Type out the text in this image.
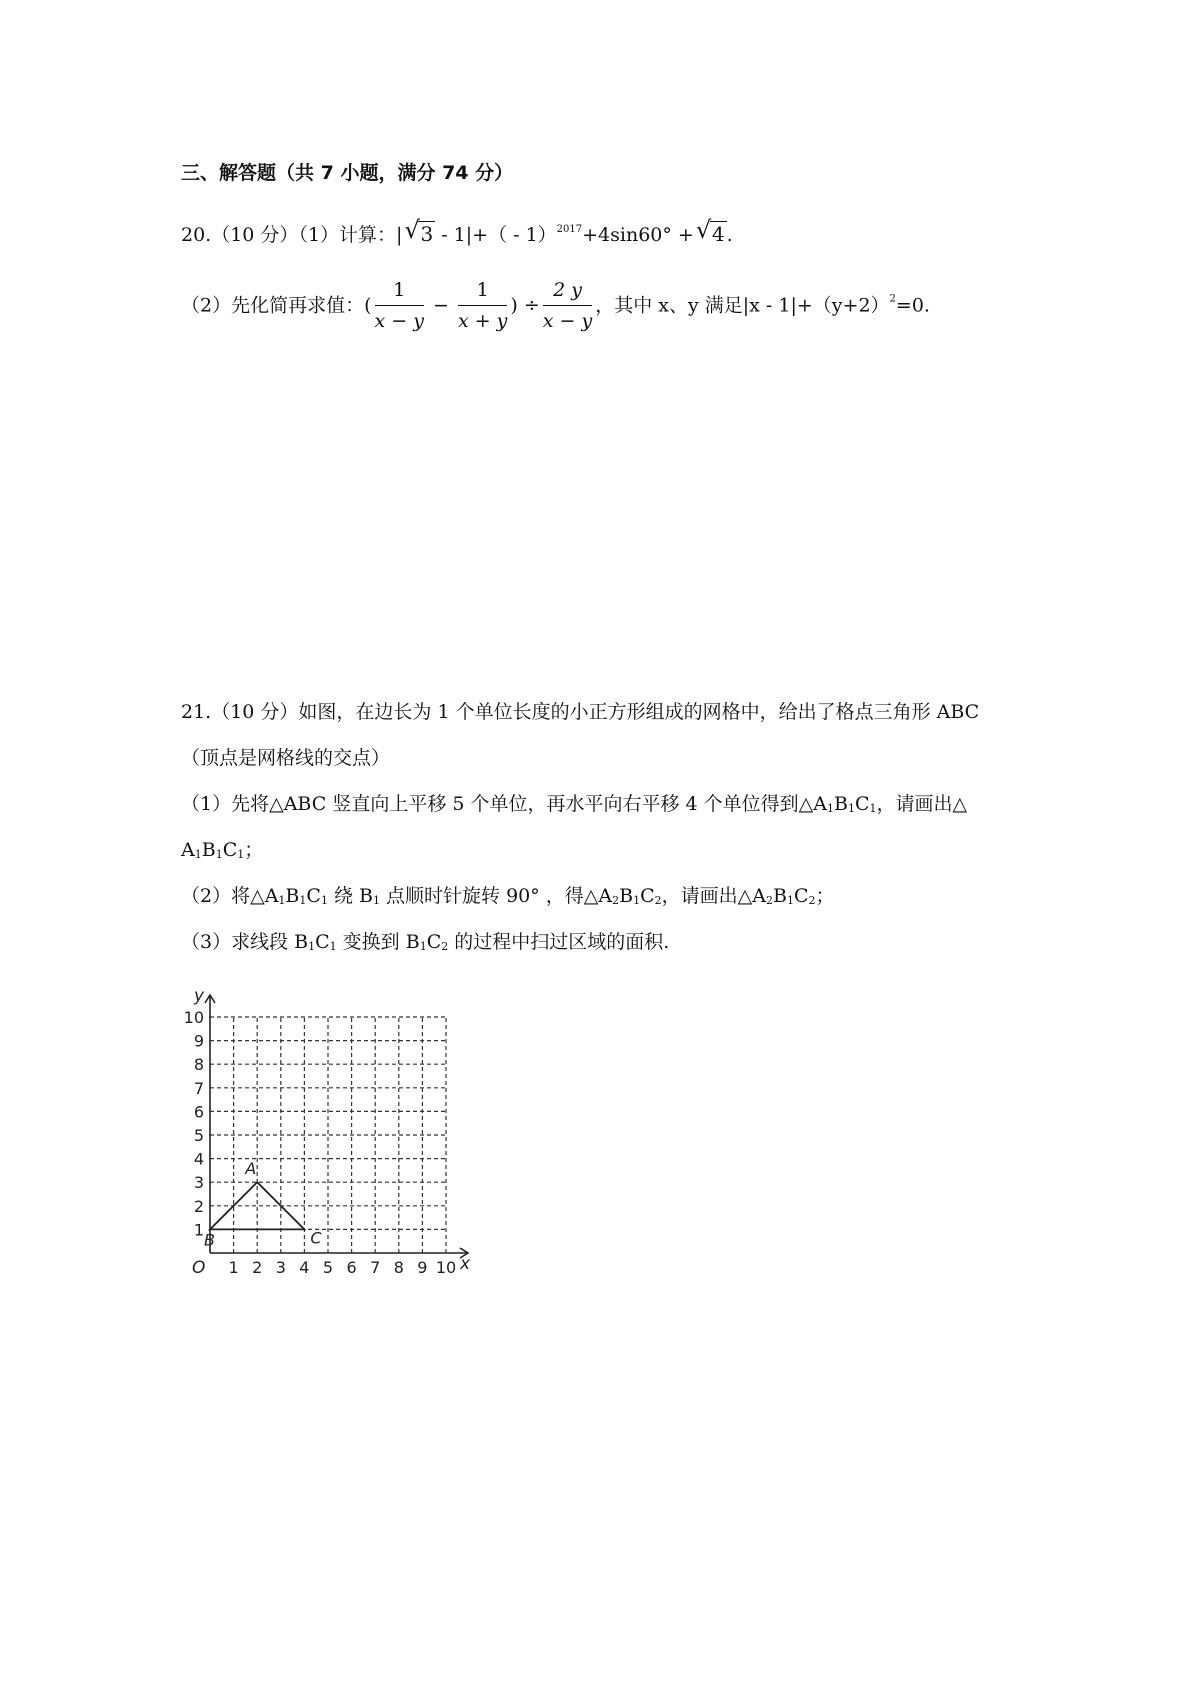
三、解答题（共 7 小题，满分 74 分）
20.（10 分）（1）计算：| √ 3 - 1|+（ - 1）$^{2017}$+4sin60° + √ 4 .
（2）先化简再求值：( $\frac{1}{x - y} - \frac{1}{x + y}$ ) ÷ $\frac{2 y}{x - y}$ ，其中 x、y 满足$|x - 1|+(y+2)^2=0$.
21.（10 分）如图，在边长为 1 个单位长度的小正方形组成的网格中，给出了格点三角形 ABC
（顶点是网格线的交点）
（1）先将△ABC 竖直向上平移 5 个单位，再水平向右平移 4 个单位得到△A1B1C1，请画出△
A1B1C1；
（2）将△A1B1C1 绕 B1 点顺时针旋转 90° ，得△A2B1C2，请画出△A2B1C2；
（3）求线段 B1C1 变换到 B1C2 的过程中扫过区域的面积.
x
y
O 1 2 3 4 5 6 7 8 9 10
1
2
3
4
5
6
7
8
9
10
A
B	C
